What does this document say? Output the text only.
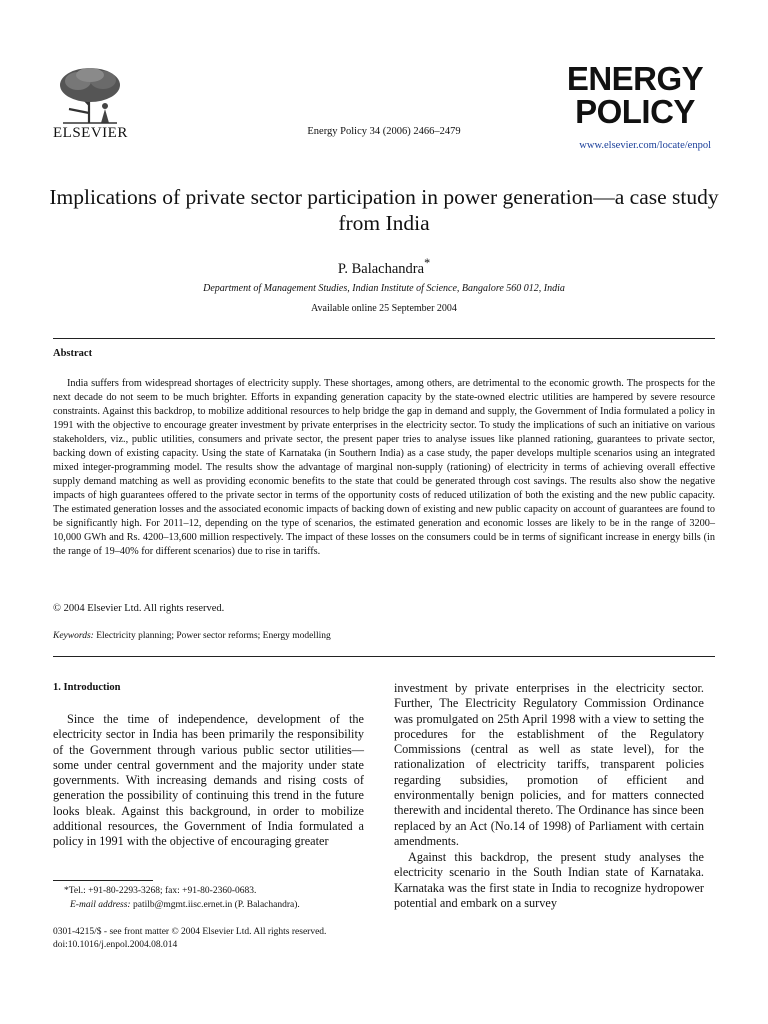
ELSEVIER	Energy Policy 34 (2006) 2466–2479
ENERGY
POLICY
www.elsevier.com/locate/enpol
Implications of private sector participation in power generation—a case study from India
P. Balachandra*
Department of Management Studies, Indian Institute of Science, Bangalore 560 012, India
Available online 25 September 2004
Abstract

India suffers from widespread shortages of electricity supply. These shortages, among others, are detrimental to the economic growth. The prospects for the next decade do not seem to be much brighter. Efforts in expanding generation capacity by the state-owned electric utilities are hampered by severe resource constraints. Against this backdrop, to mobilize additional resources to help bridge the gap in demand and supply, the Government of India formulated a policy in 1991 with the objective to encourage greater investment by private enterprises in the electricity sector. To study the implications of such an initiative on various stakeholders, viz., public utilities, consumers and private sector, the present paper tries to analyse issues like planned rationing, guarantees to private sector, backing down of existing capacity. Using the state of Karnataka (in Southern India) as a case study, the paper develops multiple scenarios using an integrated mixed integer-programming model. The results show the advantage of marginal non-supply (rationing) of electricity in terms of achieving overall effective supply demand matching as well as providing economic benefits to the state that could be generated through cost savings. The results also show the negative impacts of high guarantees offered to the private sector in terms of the opportunity costs of reduced utilization of both the existing and the new public capacity. The estimated generation losses and the associated economic impacts of backing down of existing and new public capacity on account of guarantees are found to be significantly high. For 2011–12, depending on the type of scenarios, the estimated generation and economic losses are likely to be in the range of 3200–10,000 GWh and Rs. 4200–13,600 million respectively. The impact of these losses on the consumers could be in terms of significant increase in energy bills (in the range of 19–40% for different scenarios) due to rise in tariffs.

© 2004 Elsevier Ltd. All rights reserved.
Keywords: Electricity planning; Power sector reforms; Energy modelling
1. Introduction

Since the time of independence, development of the electricity sector in India has been primarily the responsibility of the Government through various public sector utilities—some under central government and the majority under state governments. With increasing demands and rising costs of generation the possibility of continuing this trend in the future looks bleak. Against this background, in order to mobilize additional resources, the Government of India formulated a policy in 1991 with the objective of encouraging greater

investment by private enterprises in the electricity sector. Further, The Electricity Regulatory Commission Ordinance was promulgated on 25th April 1998 with a view to setting the procedures for the establishment of the Regulatory Commissions (central as well as state level), for the rationalization of electricity tariffs, transparent policies regarding subsidies, promotion of efficient and environmentally benign policies, and for matters connected therewith and incidental thereto. The Ordinance has since been replaced by an Act (No.14 of 1998) of Parliament with certain amendments.

Against this backdrop, the present study analyses the electricity scenario in the South Indian state of Karnataka. Karnataka was the first state in India to recognize hydropower potential and embark on a survey

*Tel.: +91-80-2293-3268; fax: +91-80-2360-0683.
E-mail address: patilb@mgmt.iisc.ernet.in (P. Balachandra).
0301-4215/$ - see front matter © 2004 Elsevier Ltd. All rights reserved.
doi:10.1016/j.enpol.2004.08.014
